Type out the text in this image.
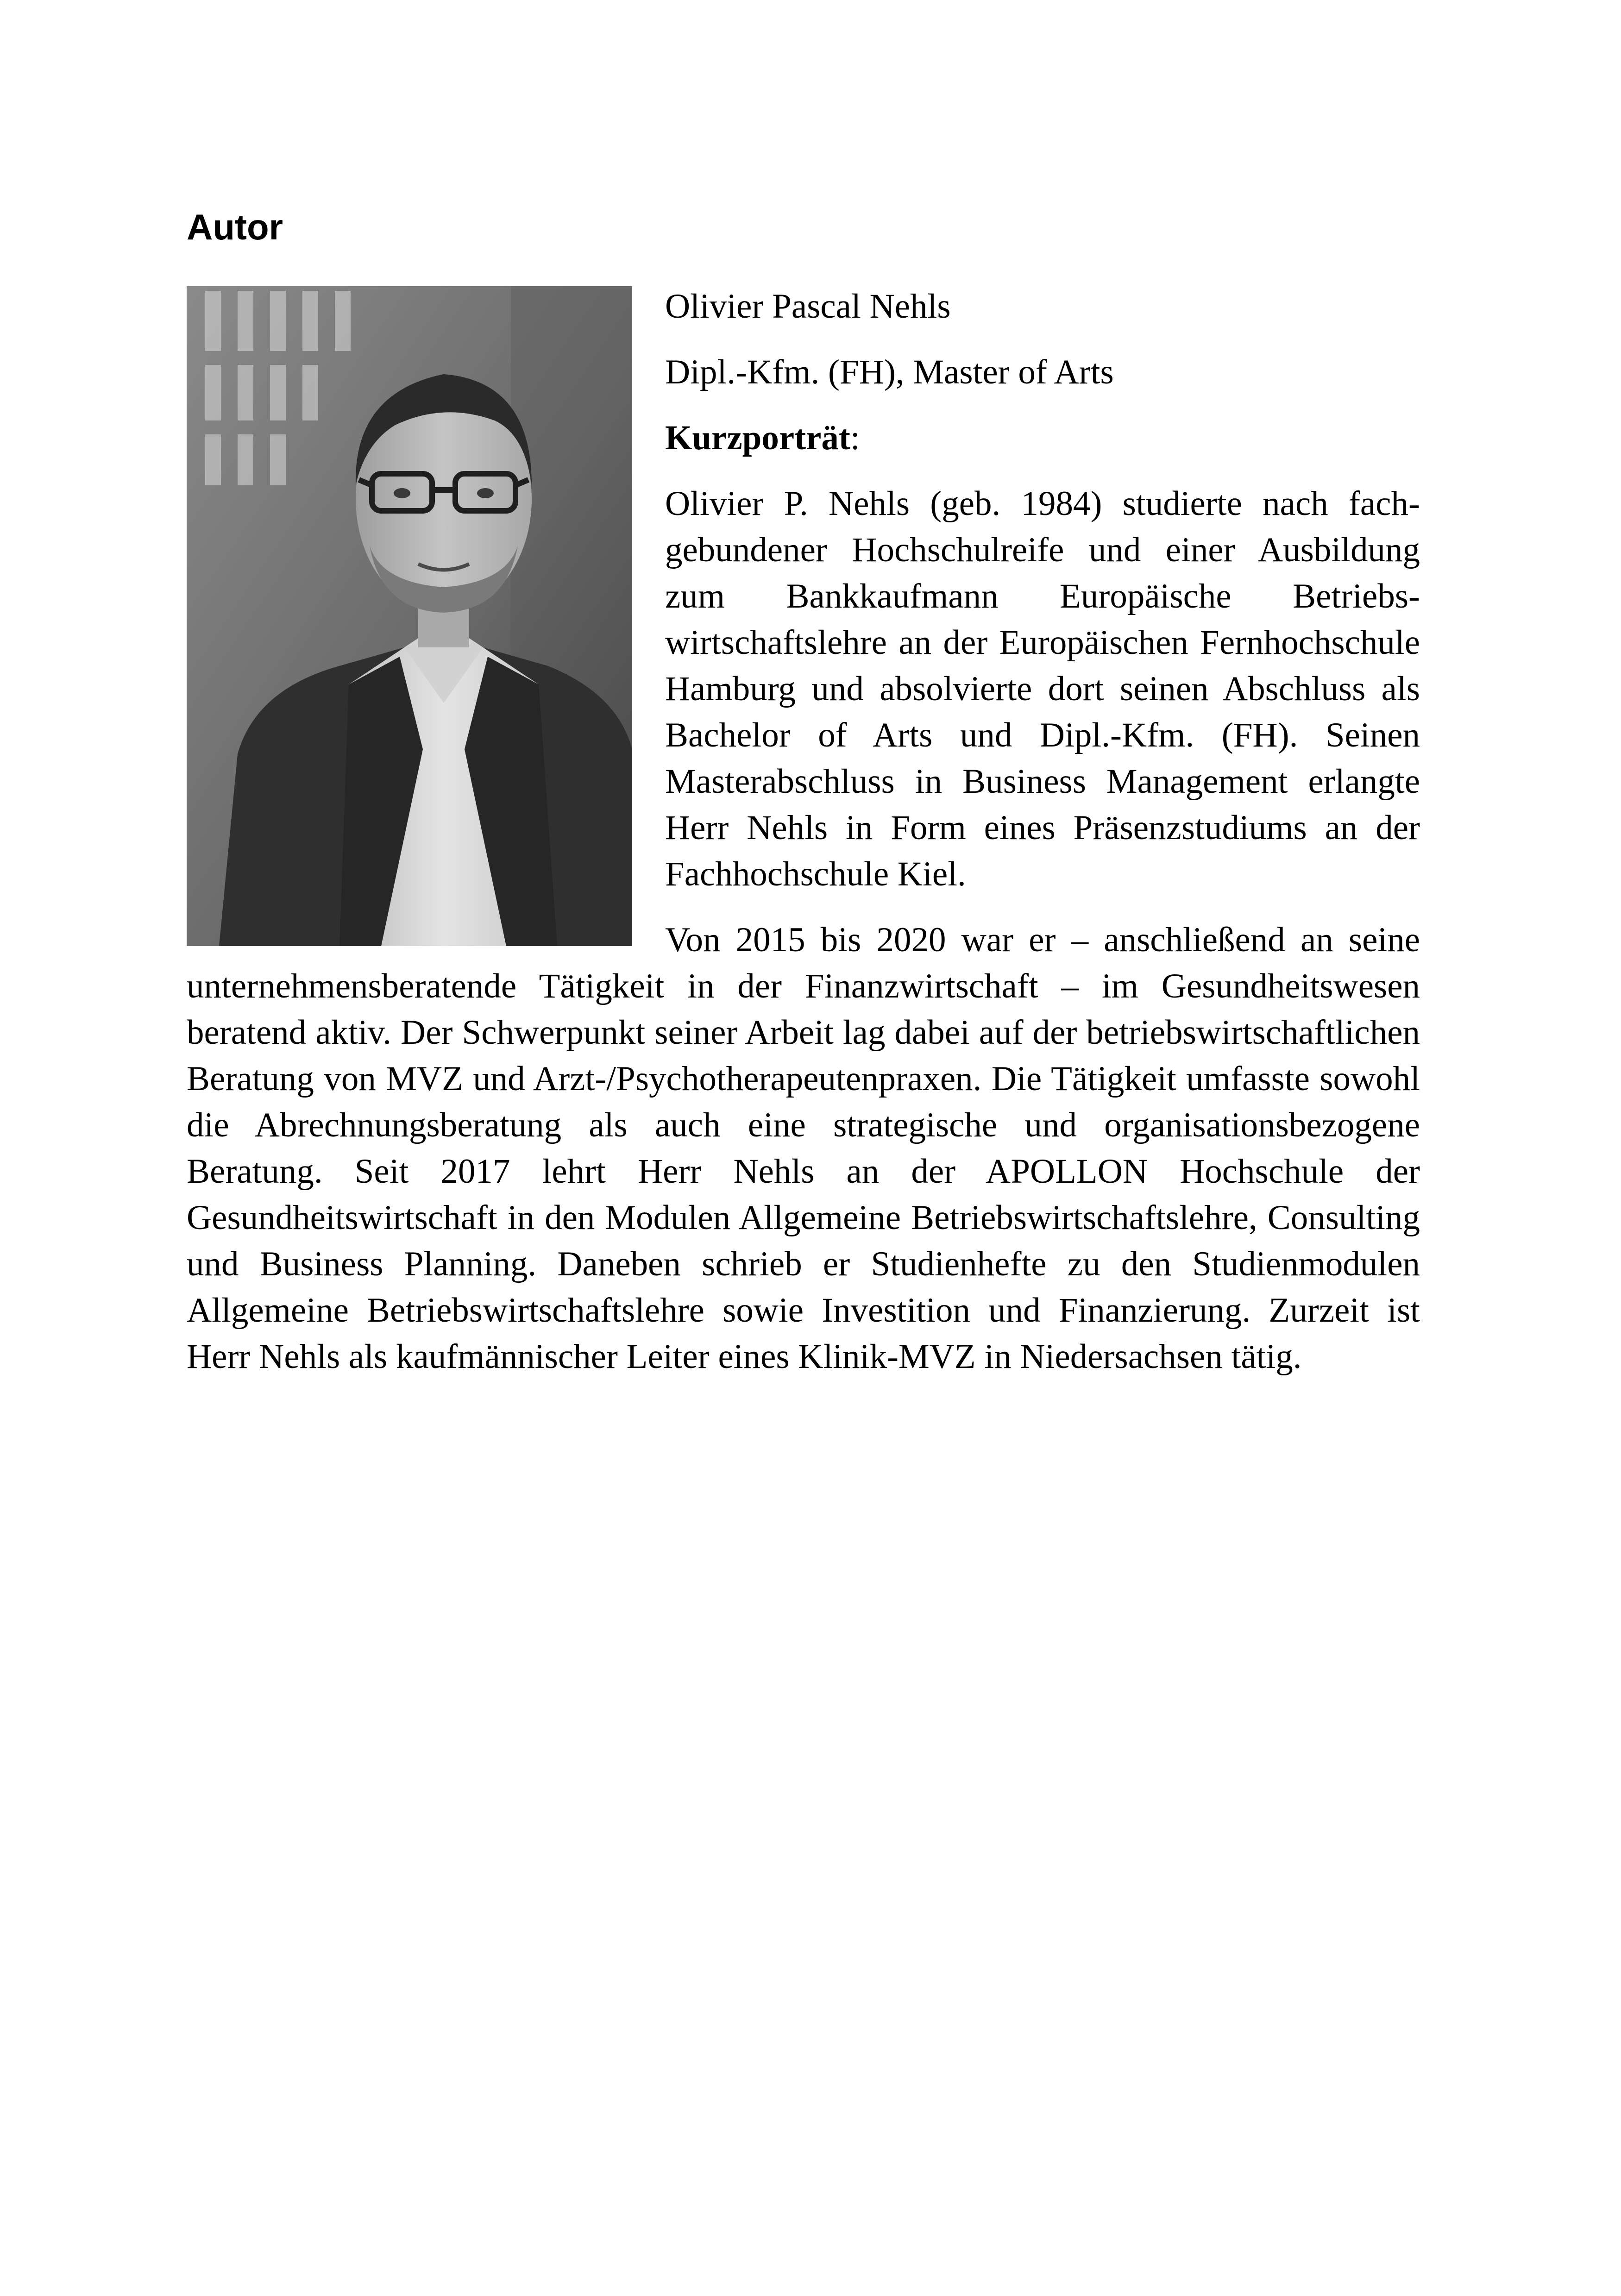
Autor

Olivier Pascal Nehls

Dipl.-Kfm. (FH), Master of Arts

Kurzporträt:

Olivier P. Nehls (geb. 1984) studierte nach fachgebundener Hochschulreife und einer Ausbildung zum Bankkaufmann Europäische Betriebswirtschaftslehre an der Europäischen Fernhochschule Hamburg und absolvierte dort seinen Abschluss als Bachelor of Arts und Dipl.-Kfm. (FH). Seinen Masterabschluss in Business Management erlangte Herr Nehls in Form eines Präsenzstudiums an der Fachhochschule Kiel.

Von 2015 bis 2020 war er – anschließend an seine unternehmensberatende Tätigkeit in der Finanzwirtschaft – im Gesundheitswesen beratend aktiv. Der Schwerpunkt seiner Arbeit lag dabei auf der betriebswirtschaftlichen Beratung von MVZ und Arzt-/Psychotherapeutenpraxen. Die Tätigkeit umfasste sowohl die Abrechnungsberatung als auch eine strategische und organisationsbezogene Beratung. Seit 2017 lehrt Herr Nehls an der APOLLON Hochschule der Gesundheitswirtschaft in den Modulen Allgemeine Betriebswirtschaftslehre, Consulting und Business Planning. Daneben schrieb er Studienhefte zu den Studienmodulen Allgemeine Betriebswirtschaftslehre sowie Investition und Finanzierung. Zurzeit ist Herr Nehls als kaufmännischer Leiter eines Klinik-MVZ in Niedersachsen tätig.
